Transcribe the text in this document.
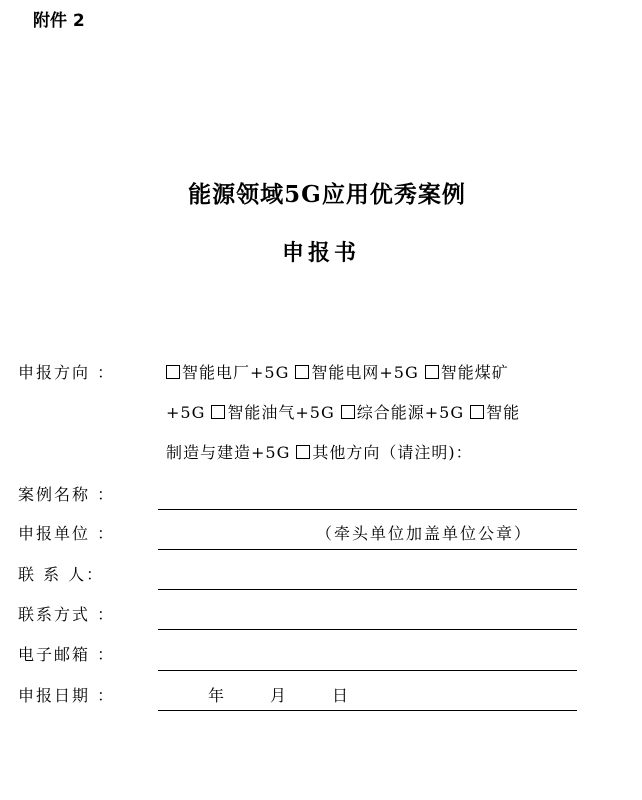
附件 2
能源领域5G应用优秀案例
申报书
申报方向 ：	智能电厂+5G 智能电网+5G 智能煤矿
+5G 智能油气+5G 综合能源+5G 智能
制造与建造+5G 其他方向（请注明)：
案例名称 ：
申报单位 ：	（牵头单位加盖单位公章）
联 系 人：
联系方式 ：
电子邮箱 ：
申报日期 ：	年	月	日
